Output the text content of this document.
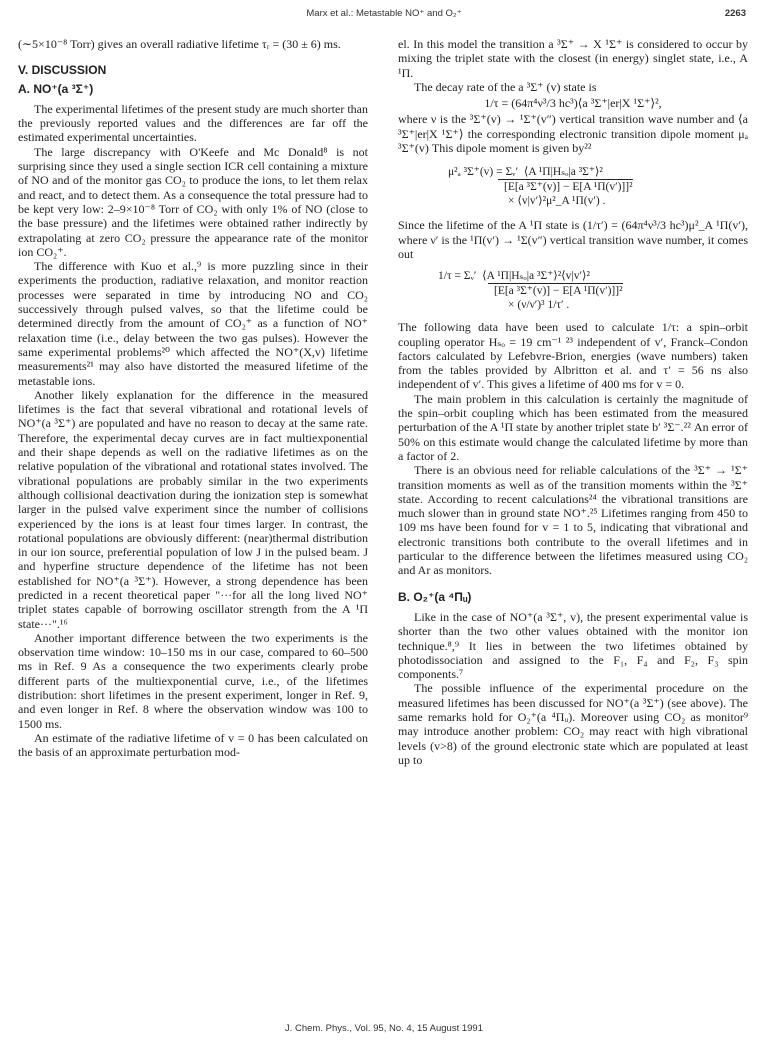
Marx et al.: Metastable NO⁺ and O₂⁺	2263

(∼5×10⁻⁸ Torr) gives an overall radiative lifetime τᵣ = (30 ± 6) ms.

V. DISCUSSION
A. NO⁺(a ³Σ⁺)

The experimental lifetimes of the present study are much shorter than the previously reported values and the differences are far off the estimated experimental uncertainties.

The large discrepancy with O'Keefe and Mc Donald⁸ is not surprising since they used a single section ICR cell containing a mixture of NO and of the monitor gas CO₂ to produce the ions, to let them relax and react, and to detect them. As a consequence the total pressure had to be kept very low: 2–9×10⁻⁸ Torr of CO₂ with only 1% of NO (close to the base pressure) and the lifetimes were obtained rather indirectly by extrapolating at zero CO₂ pressure the appearance rate of the monitor ion CO₂⁺.

The difference with Kuo et al.,⁹ is more puzzling since in their experiments the production, radiative relaxation, and monitor reaction processes were separated in time by introducing NO and CO₂ successively through pulsed valves, so that the lifetime could be determined directly from the amount of CO₂⁺ as a function of NO⁺ relaxation time (i.e., delay between the two gas pulses). However the same experimental problems²⁰ which affected the NO⁺(X,v) lifetime measurements²¹ may also have distorted the measured lifetime of the metastable ions.

Another likely explanation for the difference in the measured lifetimes is the fact that several vibrational and rotational levels of NO⁺(a ³Σ⁺) are populated and have no reason to decay at the same rate. Therefore, the experimental decay curves are in fact multiexponential and their shape depends as well on the radiative lifetimes as on the relative population of the vibrational and rotational states involved. The vibrational populations are probably similar in the two experiments although collisional deactivation during the ionization step is somewhat larger in the pulsed valve experiment since the number of collisions experienced by the ions is at least four times larger. In contrast, the rotational populations are obviously different: (near)thermal distribution in our ion source, preferential population of low J in the pulsed beam. J and hyperfine structure dependence of the lifetime has not been established for NO⁺(a ³Σ⁺). However, a strong dependence has been predicted in a recent theoretical paper "···for all the long lived NO⁺ triplet states capable of borrowing oscillator strength from the A ¹Π state···".¹⁶

Another important difference between the two experiments is the observation time window: 10–150 ms in our case, compared to 60–500 ms in Ref. 9 As a consequence the two experiments clearly probe different parts of the multiexponential curve, i.e., of the lifetimes distribution: short lifetimes in the present experiment, longer in Ref. 9, and even longer in Ref. 8 where the observation window was 100 to 1500 ms.

An estimate of the radiative lifetime of v = 0 has been calculated on the basis of an approximate perturbation mod-

el. In this model the transition a ³Σ⁺ → X ¹Σ⁺ is considered to occur by mixing the triplet state with the closest (in energy) singlet state, i.e., A ¹Π.

The decay rate of the a ³Σ⁺ (v) state is

1/τ = (64π⁴ν³/3 hc³)⟨a ³Σ⁺|er|X ¹Σ⁺⟩²,

where ν is the ³Σ⁺(v) → ¹Σ⁺(v″) vertical transition wave number and ⟨a ³Σ⁺|er|X ¹Σ⁺⟩ the corresponding electronic transition dipole moment μₐ ³Σ⁺(v) This dipole moment is given by²²

μ²ₐ ³Σ⁺(v) = Σᵥ′ ⟨A ¹Π|Hₛₒ|a ³Σ⁺⟩²
[E[a ³Σ⁺(v)] − E[A ¹Π(v′)]]²
× ⟨v|v′⟩²μ²_A ¹Π(v′) .

Since the lifetime of the A ¹Π state is (1/τ′) = (64π⁴ν³/3 hc³)μ²_A ¹Π(v′), where ν′ is the ¹Π(v′) → ¹Σ(v″) vertical transition wave number, it comes out

1/τ = Σᵥ′ ⟨A ¹Π|Hₛₒ|a ³Σ⁺⟩²⟨v|v′⟩²
[E[a ³Σ⁺(v)] − E[A ¹Π(v′)]]²
× (ν/ν′)³ 1/τ′ .

The following data have been used to calculate 1/τ: a spin–orbit coupling operator Hₛₒ = 19 cm⁻¹ ²³ independent of v′, Franck–Condon factors calculated by Lefebvre-Brion, energies (wave numbers) taken from the tables provided by Albritton et al. and τ′ = 56 ns also independent of v′. This gives a lifetime of 400 ms for v = 0.

The main problem in this calculation is certainly the magnitude of the spin–orbit coupling which has been estimated from the measured perturbation of the A ¹Π state by another triplet state b′ ³Σ⁻.²² An error of 50% on this estimate would change the calculated lifetime by more than a factor of 2.

There is an obvious need for reliable calculations of the ³Σ⁺ → ¹Σ⁺ transition moments as well as of the transition moments within the ³Σ⁺ state. According to recent calculations²⁴ the vibrational transitions are much slower than in ground state NO⁺.²⁵ Lifetimes ranging from 450 to 109 ms have been found for v = 1 to 5, indicating that vibrational and electronic transitions both contribute to the overall lifetimes and in particular to the difference between the lifetimes measured using CO₂ and Ar as monitors.

B. O₂⁺(a ⁴Πᵤ)

Like in the case of NO⁺(a ³Σ⁺, v), the present experimental value is shorter than the two other values obtained with the monitor ion technique.⁸,⁹ It lies in between the two lifetimes obtained by photodissociation and assigned to the F₁, F₄ and F₂, F₃ spin components.⁷

The possible influence of the experimental procedure on the measured lifetimes has been discussed for NO⁺(a ³Σ⁺) (see above). The same remarks hold for O₂⁺(a ⁴Πᵤ). Moreover using CO₂ as monitor⁹ may introduce another problem: CO₂ may react with high vibrational levels (v>8) of the ground electronic state which are populated at least up to

J. Chem. Phys., Vol. 95, No. 4, 15 August 1991
